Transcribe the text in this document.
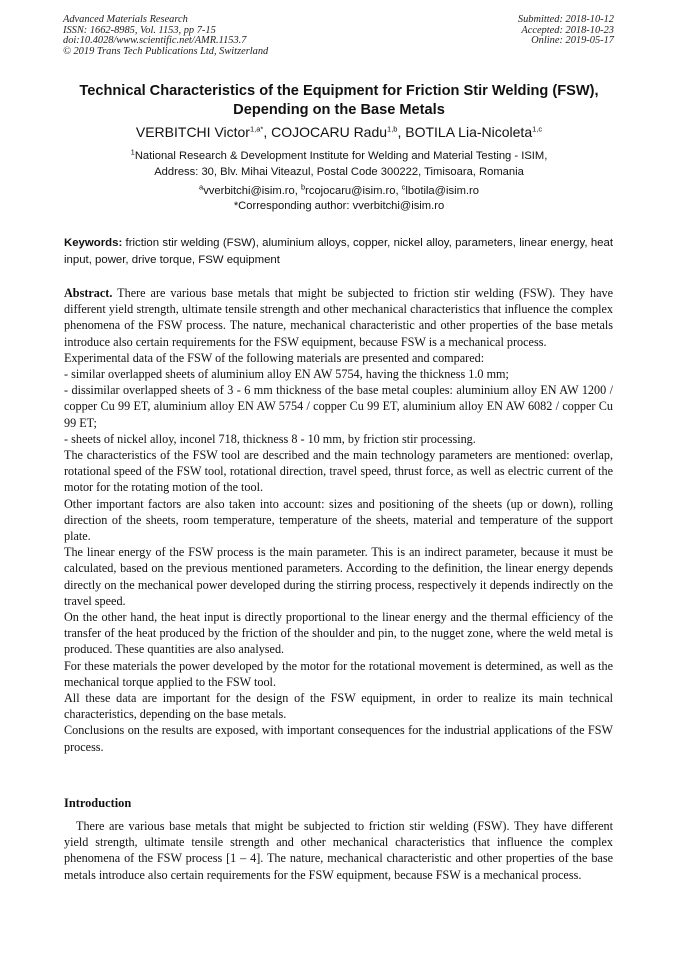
Advanced Materials Research
ISSN: 1662-8985, Vol. 1153, pp 7-15
doi:10.4028/www.scientific.net/AMR.1153.7
© 2019 Trans Tech Publications Ltd, Switzerland
Submitted: 2018-10-12
Accepted: 2018-10-23
Online: 2019-05-17
Technical Characteristics of the Equipment for Friction Stir Welding (FSW), Depending on the Base Metals
VERBITCHI Victor$^{1,a*}$, COJOCARU Radu$^{1,b}$, BOTILA Lia-Nicoleta$^{1,c}$
$^1$National Research & Development Institute for Welding and Material Testing - ISIM,
Address: 30, Blv. Mihai Viteazul, Postal Code 300222, Timisoara, Romania
$^a$vverbitchi@isim.ro, $^b$rcojocaru@isim.ro, $^c$lbotila@isim.ro
*Corresponding author: vverbitchi@isim.ro
Keywords: friction stir welding (FSW), aluminium alloys, copper, nickel alloy, parameters, linear energy, heat input, power, drive torque, FSW equipment

Abstract. There are various base metals that might be subjected to friction stir welding (FSW). They have different yield strength, ultimate tensile strength and other mechanical characteristics that influence the complex phenomena of the FSW process. The nature, mechanical characteristic and other properties of the base metals introduce also certain requirements for the FSW equipment, because FSW is a mechanical process.

Experimental data of the FSW of the following materials are presented and compared:

- similar overlapped sheets of aluminium alloy EN AW 5754, having the thickness 1.0 mm;

- dissimilar overlapped sheets of 3 - 6 mm thickness of the base metal couples: aluminium alloy EN AW 1200 / copper Cu 99 ET, aluminium alloy EN AW 5754 / copper Cu 99 ET, aluminium alloy EN AW 6082 / copper Cu 99 ET;

- sheets of nickel alloy, inconel 718, thickness 8 - 10 mm, by friction stir processing.

The characteristics of the FSW tool are described and the main technology parameters are mentioned: overlap, rotational speed of the FSW tool, rotational direction, travel speed, thrust force, as well as electric current of the motor for the rotating motion of the tool.

Other important factors are also taken into account: sizes and positioning of the sheets (up or down), rolling direction of the sheets, room temperature, temperature of the sheets, material and temperature of the support plate.

The linear energy of the FSW process is the main parameter. This is an indirect parameter, because it must be calculated, based on the previous mentioned parameters. According to the definition, the linear energy depends directly on the mechanical power developed during the stirring process, respectively it depends indirectly on the travel speed.

On the other hand, the heat input is directly proportional to the linear energy and the thermal efficiency of the transfer of the heat produced by the friction of the shoulder and pin, to the nugget zone, where the weld metal is produced. These quantities are also analysed.

For these materials the power developed by the motor for the rotational movement is determined, as well as the mechanical torque applied to the FSW tool.

All these data are important for the design of the FSW equipment, in order to realize its main technical characteristics, depending on the base metals.

Conclusions on the results are exposed, with important consequences for the industrial applications of the FSW process.

Introduction

There are various base metals that might be subjected to friction stir welding (FSW). They have different yield strength, ultimate tensile strength and other mechanical characteristics that influence the complex phenomena of the FSW process [1 – 4]. The nature, mechanical characteristic and other properties of the base metals introduce also certain requirements for the FSW equipment, because FSW is a mechanical process.
